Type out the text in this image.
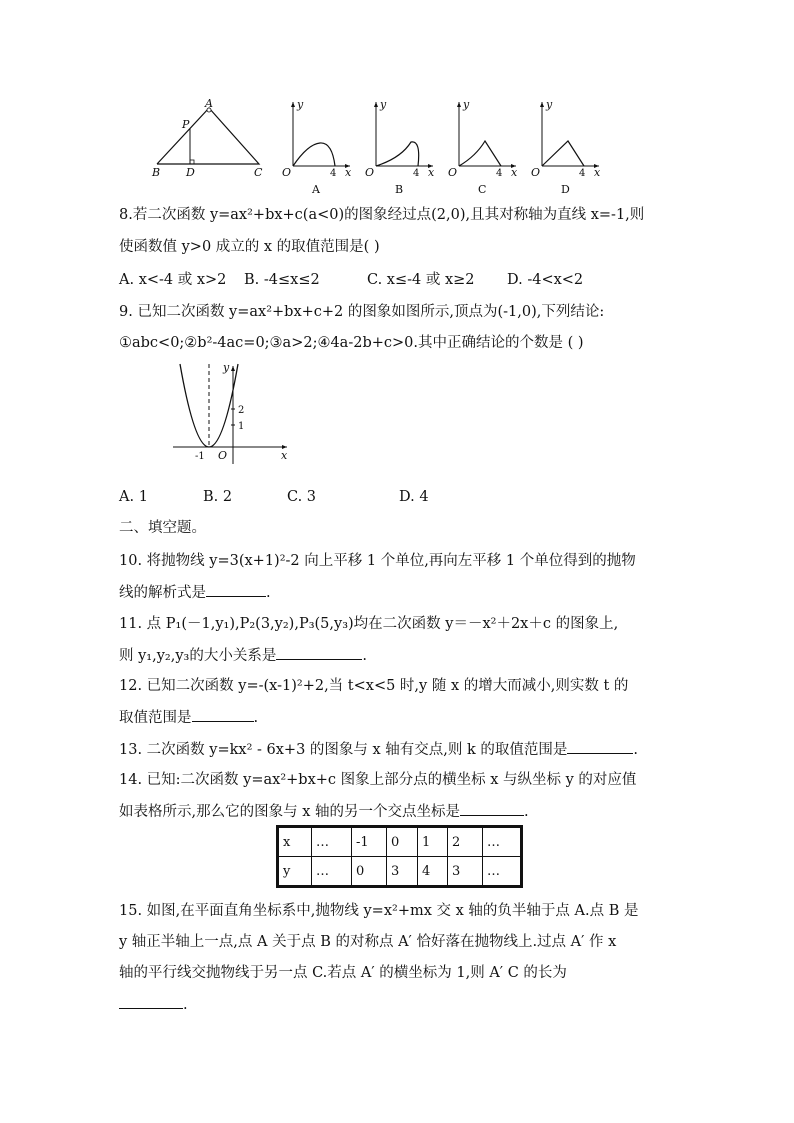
A
P
B D	C
y
x
O	4
A
y
x
O	4
B
y
x
O	4
C
y
x
O	4
D
8.若二次函数 y=ax²+bx+c(a<0)的图象经过点(2,0),且其对称轴为直线 x=-1,则
使函数值 y>0 成立的 x 的取值范围是( )
A. x<-4 或 x>2 B. -4≤x≤2	C. x≤-4 或 x≥2 D. -4<x<2
9. 已知二次函数 y=ax²+bx+c+2 的图象如图所示,顶点为(-1,0),下列结论:
①abc<0;②b²-4ac=0;③a>2;④4a-2b+c>0.其中正确结论的个数是 ( )
y
x
O
-1
1
2
A. 1	B. 2	C. 3	D. 4
二、填空题。
10. 将抛物线 y=3(x+1)²-2 向上平移 1 个单位,再向左平移 1 个单位得到的抛物
线的解析式是	.
11. 点 P₁(－1,y₁),P₂(3,y₂),P₃(5,y₃)均在二次函数 y＝－x²＋2x＋c 的图象上,
则 y₁,y₂,y₃的大小关系是	.
12. 已知二次函数 y=-(x-1)²+2,当 t<x<5 时,y 随 x 的增大而减小,则实数 t 的
取值范围是	.
13. 二次函数 y=kx² - 6x+3 的图象与 x 轴有交点,则 k 的取值范围是	.
14. 已知:二次函数 y=ax²+bx+c 图象上部分点的横坐标 x 与纵坐标 y 的对应值
如表格所示,那么它的图象与 x 轴的另一个交点坐标是	.
x	…	-1	0	1	2	…
y	…	0	3	4	3	…
15. 如图,在平面直角坐标系中,抛物线 y=x²+mx 交 x 轴的负半轴于点 A.点 B 是
y 轴正半轴上一点,点 A 关于点 B 的对称点 A′ 恰好落在抛物线上.过点 A′ 作 x
轴的平行线交抛物线于另一点 C.若点 A′ 的横坐标为 1,则 A′ C 的长为
.
